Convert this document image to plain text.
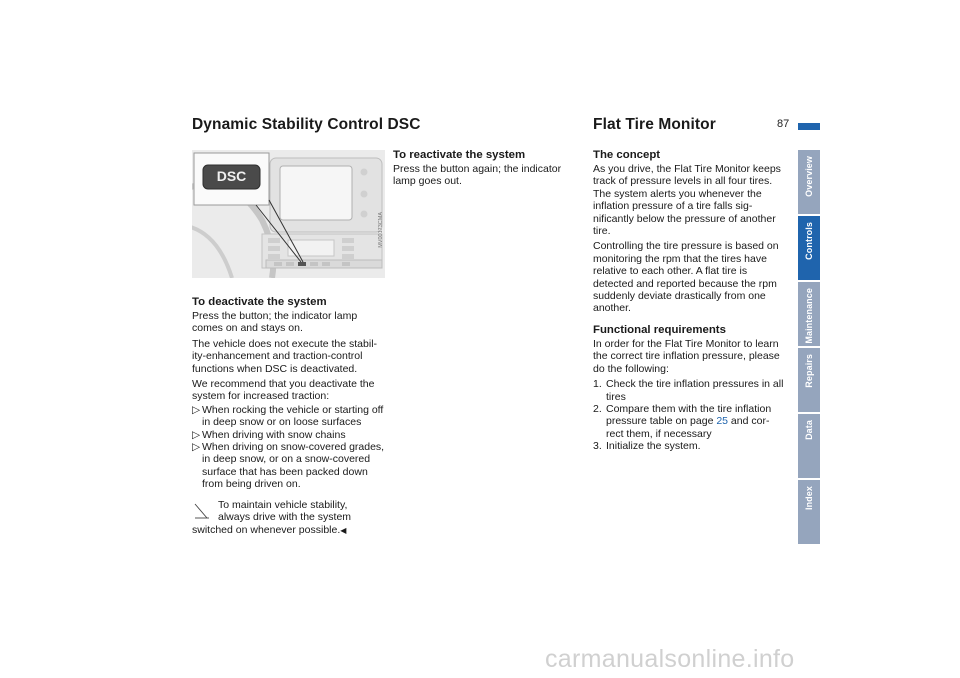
Dynamic Stability Control DSC	Flat Tire Monitor	87
Overview
Controls
Maintenance
Repairs
Data
Index
DSC
MV00173CMA
To deactivate the system

Press the button; the indicator lamp comes on and stays on.

The vehicle does not execute the stabil-ity-enhancement and traction-control functions when DSC is deactivated.

We recommend that you deactivate the system for increased traction:

▷ When rocking the vehicle or starting off in deep snow or on loose surfaces
▷ When driving with snow chains
▷ When driving on snow-covered grades, in deep snow, or on a snow-covered surface that has been packed down from being driven on.
To maintain vehicle stability,
always drive with the system
switched on whenever possible.◀
To reactivate the system

Press the button again; the indicator lamp goes out.

The concept

As you drive, the Flat Tire Monitor keeps track of pressure levels in all four tires. The system alerts you whenever the inflation pressure of a tire falls sig-nificantly below the pressure of another tire.

Controlling the tire pressure is based on monitoring the rpm that the tires have relative to each other. A flat tire is detected and reported because the rpm suddenly deviate drastically from one another.

Functional requirements

In order for the Flat Tire Monitor to learn the correct tire inflation pressure, please do the following:

1. Check the tire inflation pressures in all tires
2. Compare them with the tire inflation pressure table on page 25 and cor-rect them, if necessary
3. Initialize the system.
carmanualsonline.info
